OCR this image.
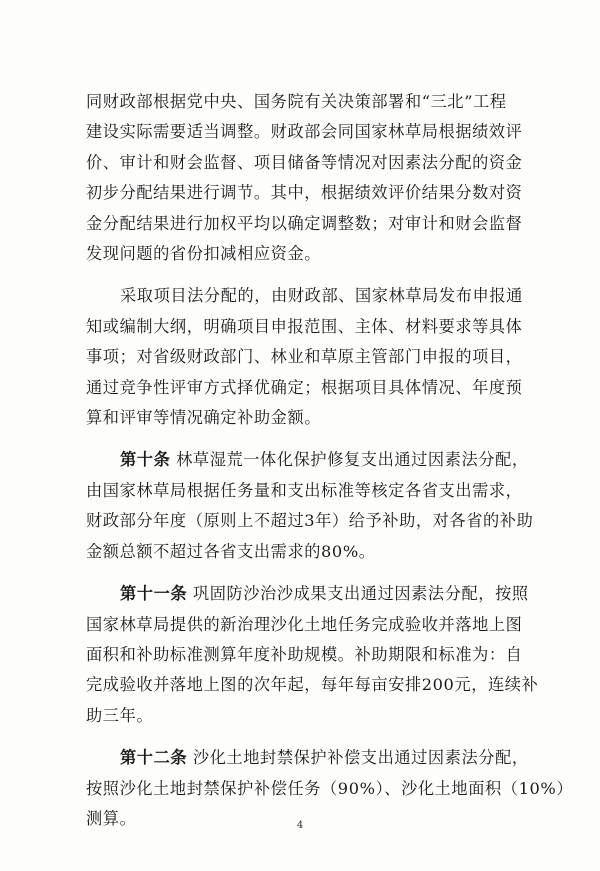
同财政部根据党中央、国务院有关决策部署和“三北”工程
建设实际需要适当调整。财政部会同国家林草局根据绩效评
价、审计和财会监督、项目储备等情况对因素法分配的资金
初步分配结果进行调节。其中，根据绩效评价结果分数对资
金分配结果进行加权平均以确定调整数；对审计和财会监督
发现问题的省份扣减相应资金。

采取项目法分配的，由财政部、国家林草局发布申报通
知或编制大纲，明确项目申报范围、主体、材料要求等具体
事项；对省级财政部门、林业和草原主管部门申报的项目，
通过竞争性评审方式择优确定；根据项目具体情况、年度预
算和评审等情况确定补助金额。

第十条 林草湿荒一体化保护修复支出通过因素法分配，
由国家林草局根据任务量和支出标准等核定各省支出需求，
财政部分年度（原则上不超过3年）给予补助，对各省的补助
金额总额不超过各省支出需求的80%。

第十一条 巩固防沙治沙成果支出通过因素法分配，按照
国家林草局提供的新治理沙化土地任务完成验收并落地上图
面积和补助标准测算年度补助规模。补助期限和标准为：自
完成验收并落地上图的次年起，每年每亩安排200元，连续补
助三年。

第十二条 沙化土地封禁保护补偿支出通过因素法分配，
按照沙化土地封禁保护补偿任务（90%）、沙化土地面积（10%）
测算。	4
